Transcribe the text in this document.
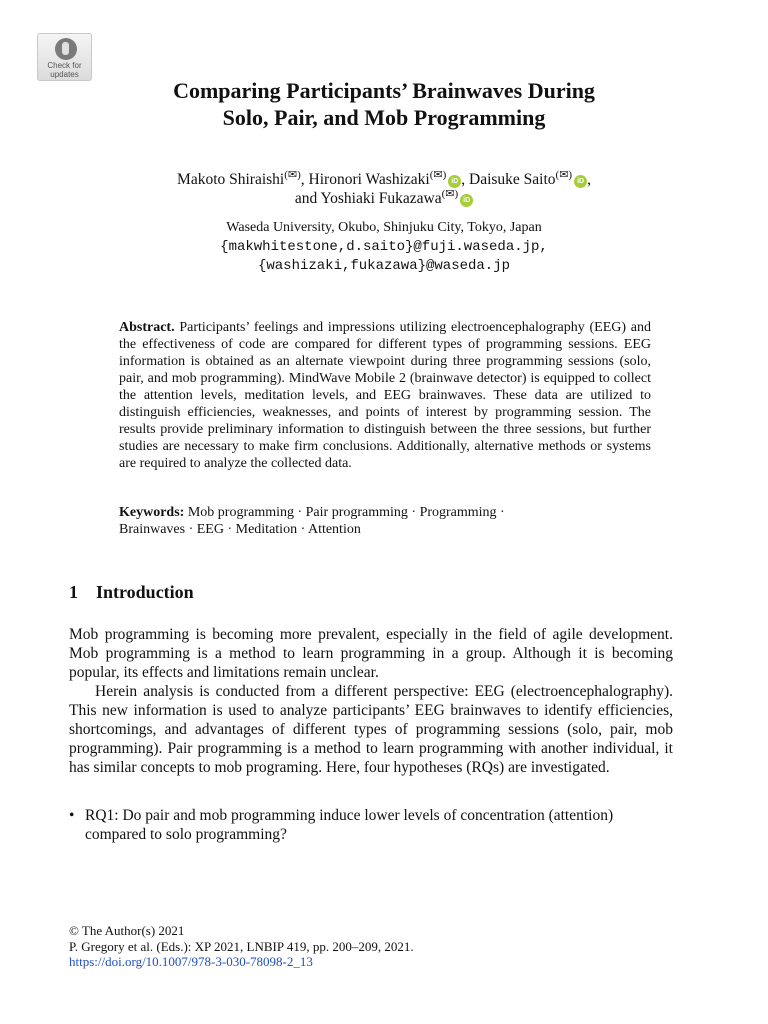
Check for
updates
Comparing Participants’ Brainwaves During
Solo, Pair, and Mob Programming
Makoto Shiraishi(✉), Hironori Washizaki(✉)iD , Daisuke Saito(✉)iD ,
and Yoshiaki Fukazawa(✉)iD
Waseda University, Okubo, Shinjuku City, Tokyo, Japan
{makwhitestone,d.saito}@fuji.waseda.jp,
{washizaki,fukazawa}@waseda.jp

Abstract. Participants’ feelings and impressions utilizing electroencephalography (EEG) and the effectiveness of code are compared for different types of programming sessions. EEG information is obtained as an alternate viewpoint during three programming sessions (solo, pair, and mob programming). MindWave Mobile 2 (brainwave detector) is equipped to collect the attention levels, meditation levels, and EEG brainwaves. These data are utilized to distinguish efficiencies, weaknesses, and points of interest by programming session. The results provide preliminary information to distinguish between the three sessions, but further studies are necessary to make firm conclusions. Additionally, alternative methods or systems are required to analyze the collected data.

Keywords: Mob programming · Pair programming · Programming ·
Brainwaves · EEG · Meditation · Attention
1 Introduction

Mob programming is becoming more prevalent, especially in the field of agile development. Mob programming is a method to learn programming in a group. Although it is becoming popular, its effects and limitations remain unclear.

Herein analysis is conducted from a different perspective: EEG (electroencephalography). This new information is used to analyze participants’ EEG brainwaves to identify efficiencies, shortcomings, and advantages of different types of programming sessions (solo, pair, mob programming). Pair programming is a method to learn programming with another individual, it has similar concepts to mob programing. Here, four hypotheses (RQs) are investigated.

• RQ1: Do pair and mob programming induce lower levels of concentration (attention) compared to solo programming?
© The Author(s) 2021
P. Gregory et al. (Eds.): XP 2021, LNBIP 419, pp. 200–209, 2021.
https://doi.org/10.1007/978-3-030-78098-2_13
